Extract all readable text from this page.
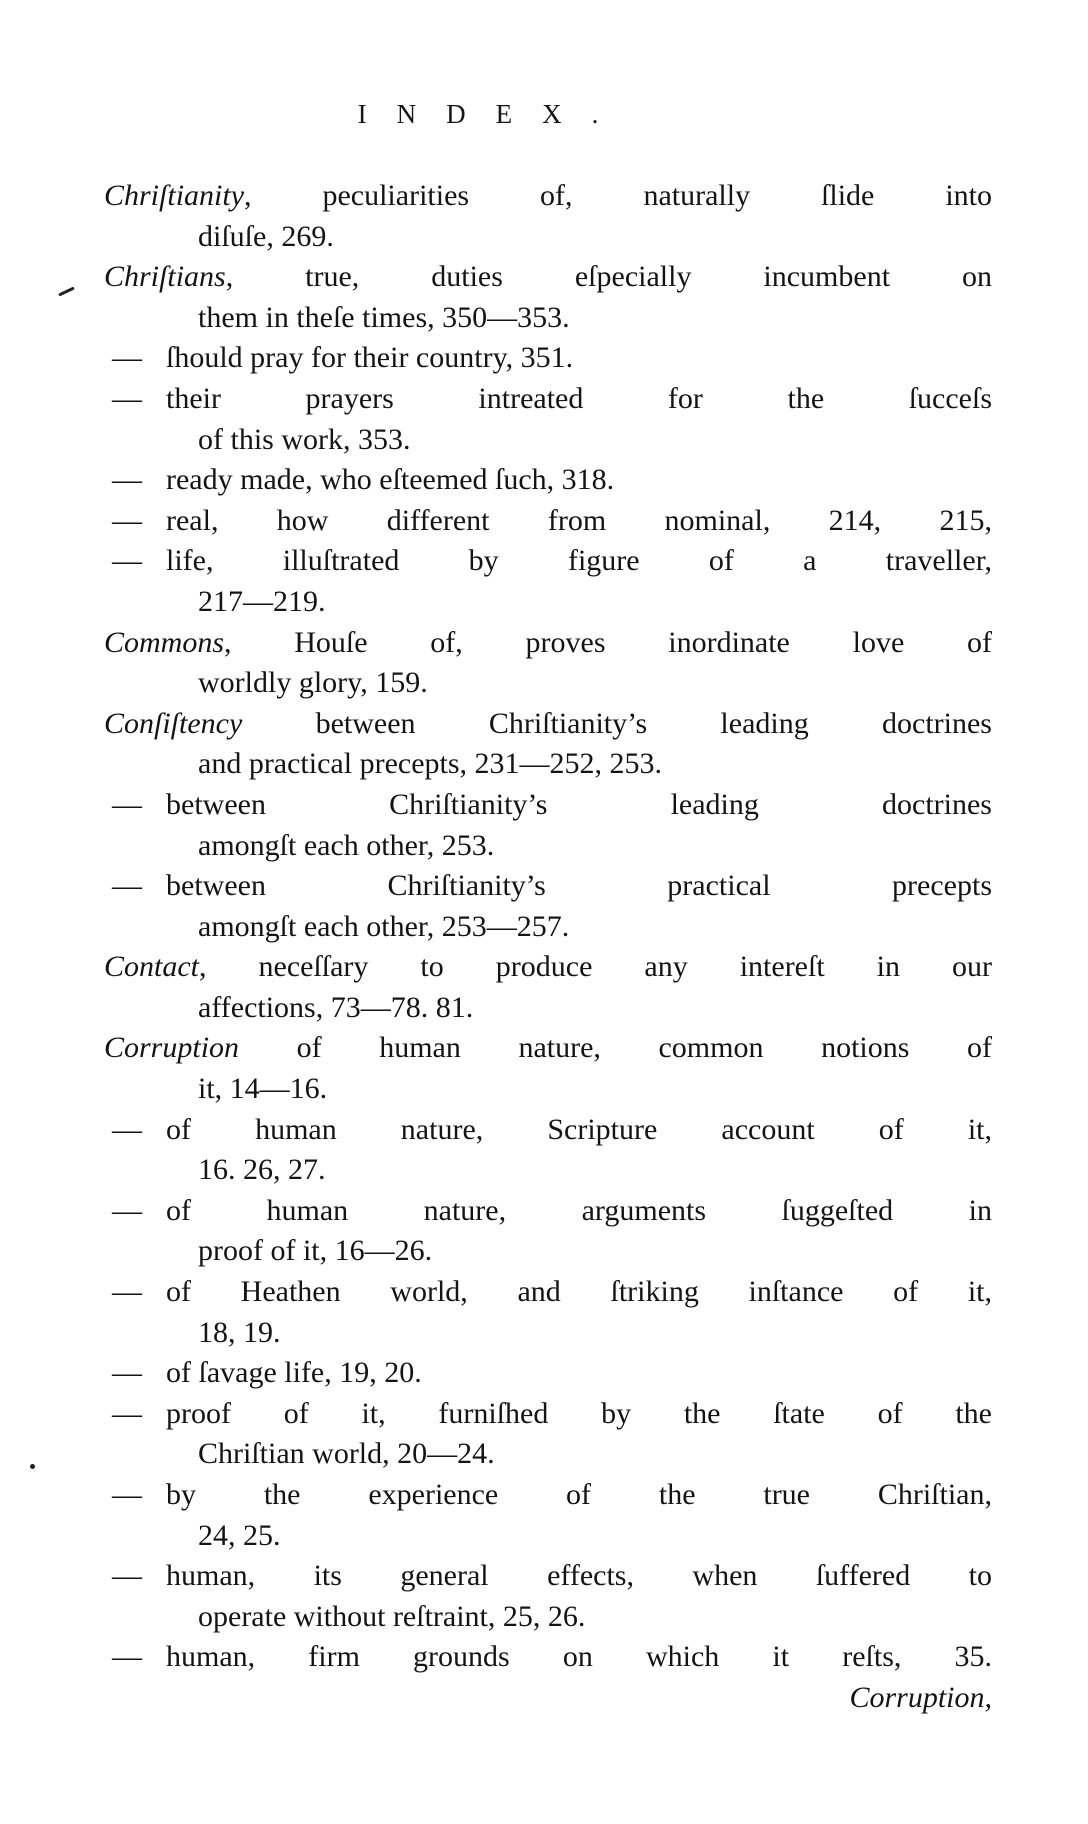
INDEX.
Chriſtianity, peculiarities of, naturally ſlide into
diſuſe, 269.
Chriſtians, true, duties eſpecially incumbent on
them in theſe times, 350—353.
— ſhould pray for their country, 351.
— their prayers intreated for the ſucceſs
of this work, 353.
— ready made, who eſteemed ſuch, 318.
— real, how different from nominal, 214, 215,
— life, illuſtrated by figure of a traveller,
217—219.
Commons, Houſe of, proves inordinate love of
worldly glory, 159.
Conſiſtency between Chriſtianity’s leading doctrines
and practical precepts, 231—252, 253.
— between Chriſtianity’s leading doctrines
amongſt each other, 253.
— between Chriſtianity’s practical precepts
amongſt each other, 253—257.
Contact, neceſſary to produce any intereſt in our
affections, 73—78. 81.
Corruption of human nature, common notions of
it, 14—16.
— of human nature, Scripture account of it,
16. 26, 27.
— of human nature, arguments ſuggeſted in
proof of it, 16—26.
— of Heathen world, and ſtriking inſtance of it,
18, 19.
— of ſavage life, 19, 20.
— proof of it, furniſhed by the ſtate of the
Chriſtian world, 20—24.
— by the experience of the true Chriſtian,
24, 25.
— human, its general effects, when ſuffered to
operate without reſtraint, 25, 26.
— human, firm grounds on which it reſts, 35.
Corruption,
